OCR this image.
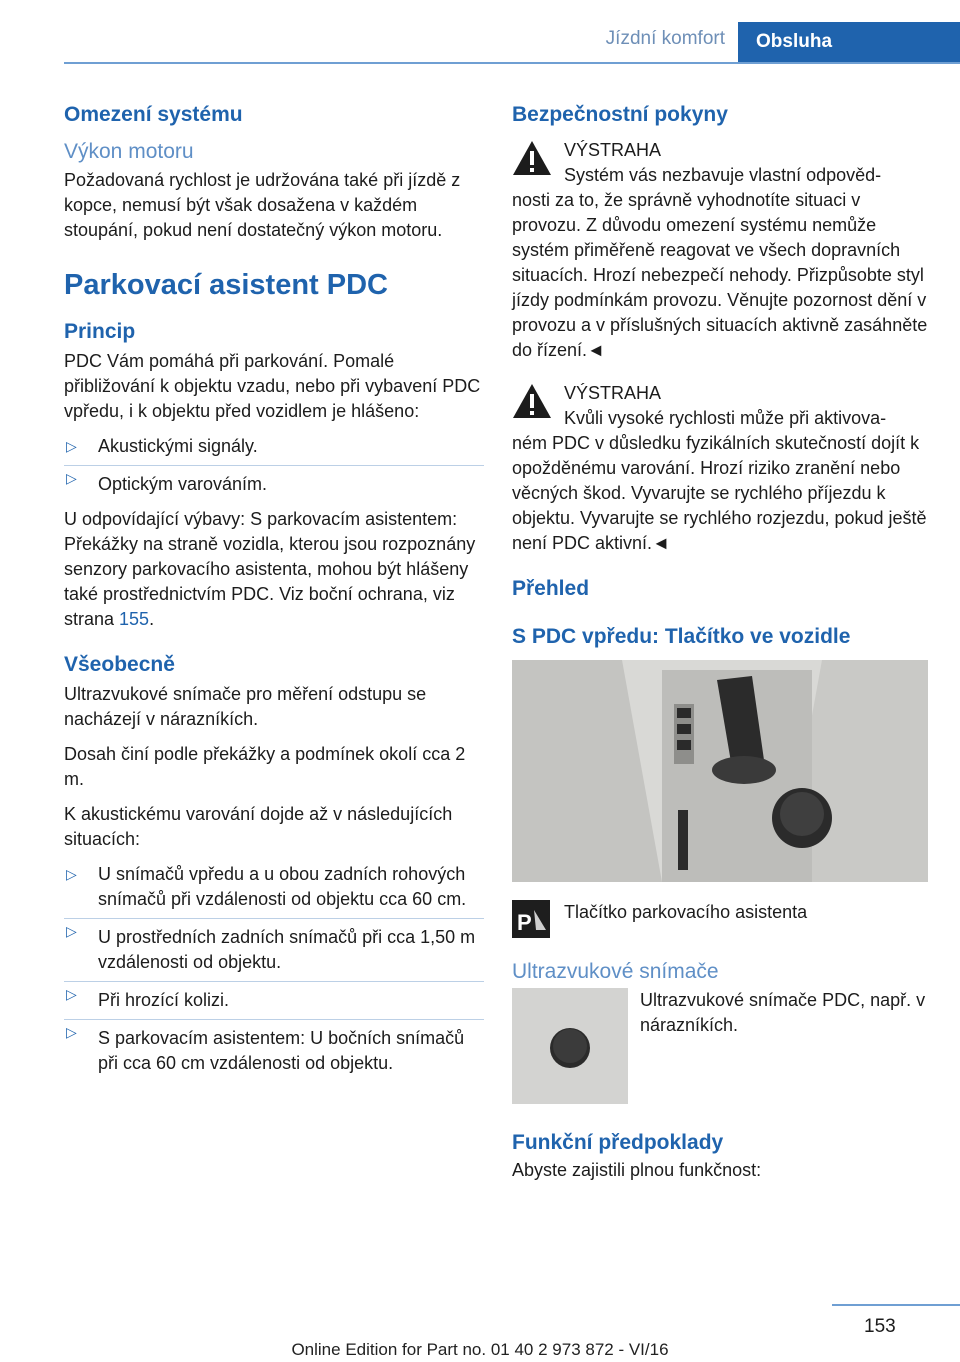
Jízdní komfort	Obsluha
Omezení systému
Výkon motoru

Požadovaná rychlost je udržována také při jízdě z kopce, nemusí být však dosažena v každém stoupání, pokud není dostatečný výkon motoru.

Parkovací asistent PDC
Princip

PDC Vám pomáhá při parkování. Pomalé přibližování k objektu vzadu, nebo při vybavení PDC vpředu, i k objektu před vozidlem je hlášeno:

▷ Akustickými signály.
▷ Optickým varováním.

U odpovídající výbavy: S parkovacím asistentem: Překážky na straně vozidla, kterou jsou rozpoznány senzory parkovacího asistenta, mohou být hlášeny také prostřednictvím PDC. Viz boční ochrana, viz strana 155.

Všeobecně

Ultrazvukové snímače pro měření odstupu se nacházejí v nárazníkích.

Dosah činí podle překážky a podmínek okolí cca 2 m.

K akustickému varování dojde až v následujících situacích:

▷ U snímačů vpředu a u obou zadních rohových snímačů při vzdálenosti od objektu cca 60 cm.
▷ U prostředních zadních snímačů při cca 1,50 m vzdálenosti od objektu.
▷ Při hrozící kolizi.
▷ S parkovacím asistentem: U bočních snímačů při cca 60 cm vzdálenosti od objektu.
Bezpečnostní pokyny
VÝSTRAHA

Systém vás nezbavuje vlastní odpověd‐

nosti za to, že správně vyhodnotíte situaci v provozu. Z důvodu omezení systému nemůže systém přiměřeně reagovat ve všech dopravních situacích. Hrozí nebezpečí nehody. Přizpůsobte styl jízdy podmínkám provozu. Věnujte pozornost dění v provozu a v příslušných situacích aktivně zasáhněte do řízení.◄

VÝSTRAHA

Kvůli vysoké rychlosti může při aktivova‐

ném PDC v důsledku fyzikálních skutečností dojít k opožděnému varování. Hrozí riziko zranění nebo věcných škod. Vyvarujte se rychlého příjezdu k objektu. Vyvarujte se rychlého rozjezdu, pokud ještě není PDC aktivní.◄

Přehled
S PDC vpředu: Tlačítko ve vozidle
P Tlačítko parkovacího asistenta

Ultrazvukové snímače

Ultrazvukové snímače PDC, např. v nárazníkích.

Funkční předpoklady

Abyste zajistili plnou funkčnost:

153
Online Edition for Part no. 01 40 2 973 872 - VI/16
